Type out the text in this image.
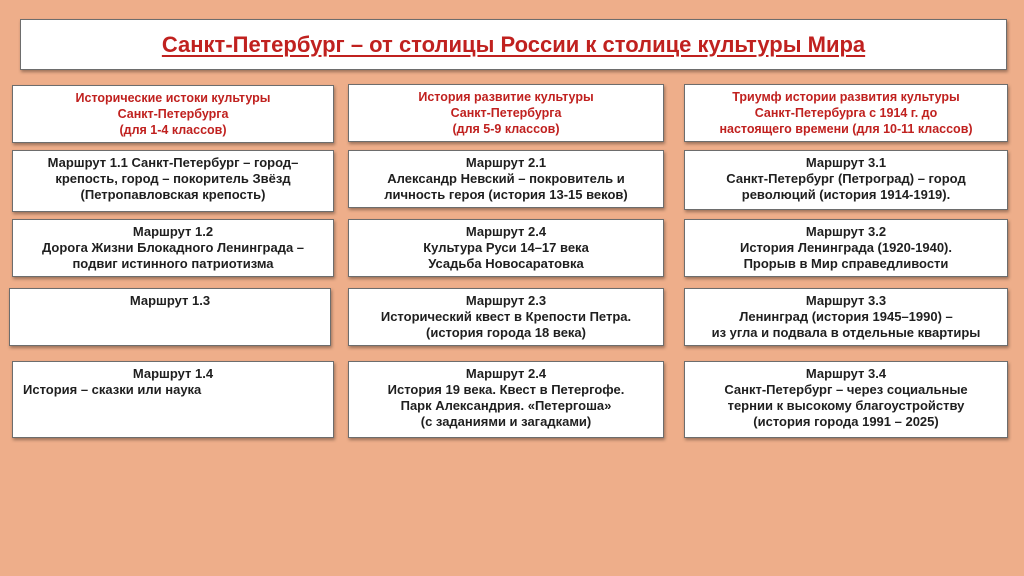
Санкт-Петербург – от столицы России к столице культуры Мира
Исторические истоки культуры
Санкт-Петербурга
(для 1-4 классов)
Маршрут 1.1 Санкт-Петербург – город–
крепость, город – покоритель Звёзд
(Петропавловская крепость)
Маршрут 1.2
Дорога Жизни Блокадного Ленинграда –
подвиг истинного патриотизма
Маршрут 1.3
Маршрут 1.4
История – сказки или наука
История развитие культуры
Санкт-Петербурга
(для 5-9 классов)
Маршрут 2.1
Александр Невский – покровитель и
личность героя (история 13-15 веков)
Маршрут 2.4
Культура Руси 14–17 века
Усадьба Новосаратовка
Маршрут 2.3
Исторический квест в Крепости Петра.
(история города 18 века)
Маршрут 2.4
История 19 века. Квест в Петергофе.
Парк Александрия. «Петергоша»
(с заданиями и загадками)
Триумф истории развития культуры
Санкт-Петербурга с 1914 г. до
настоящего времени (для 10-11 классов)
Маршрут 3.1
Санкт-Петербург (Петроград) – город
революций (история 1914-1919).
Маршрут 3.2
История Ленинграда (1920-1940).
Прорыв в Мир справедливости
Маршрут 3.3
Ленинград (история 1945–1990) –
из угла и подвала в отдельные квартиры
Маршрут 3.4
Санкт-Петербург – через социальные
тернии к высокому благоустройству
(история города 1991 – 2025)
